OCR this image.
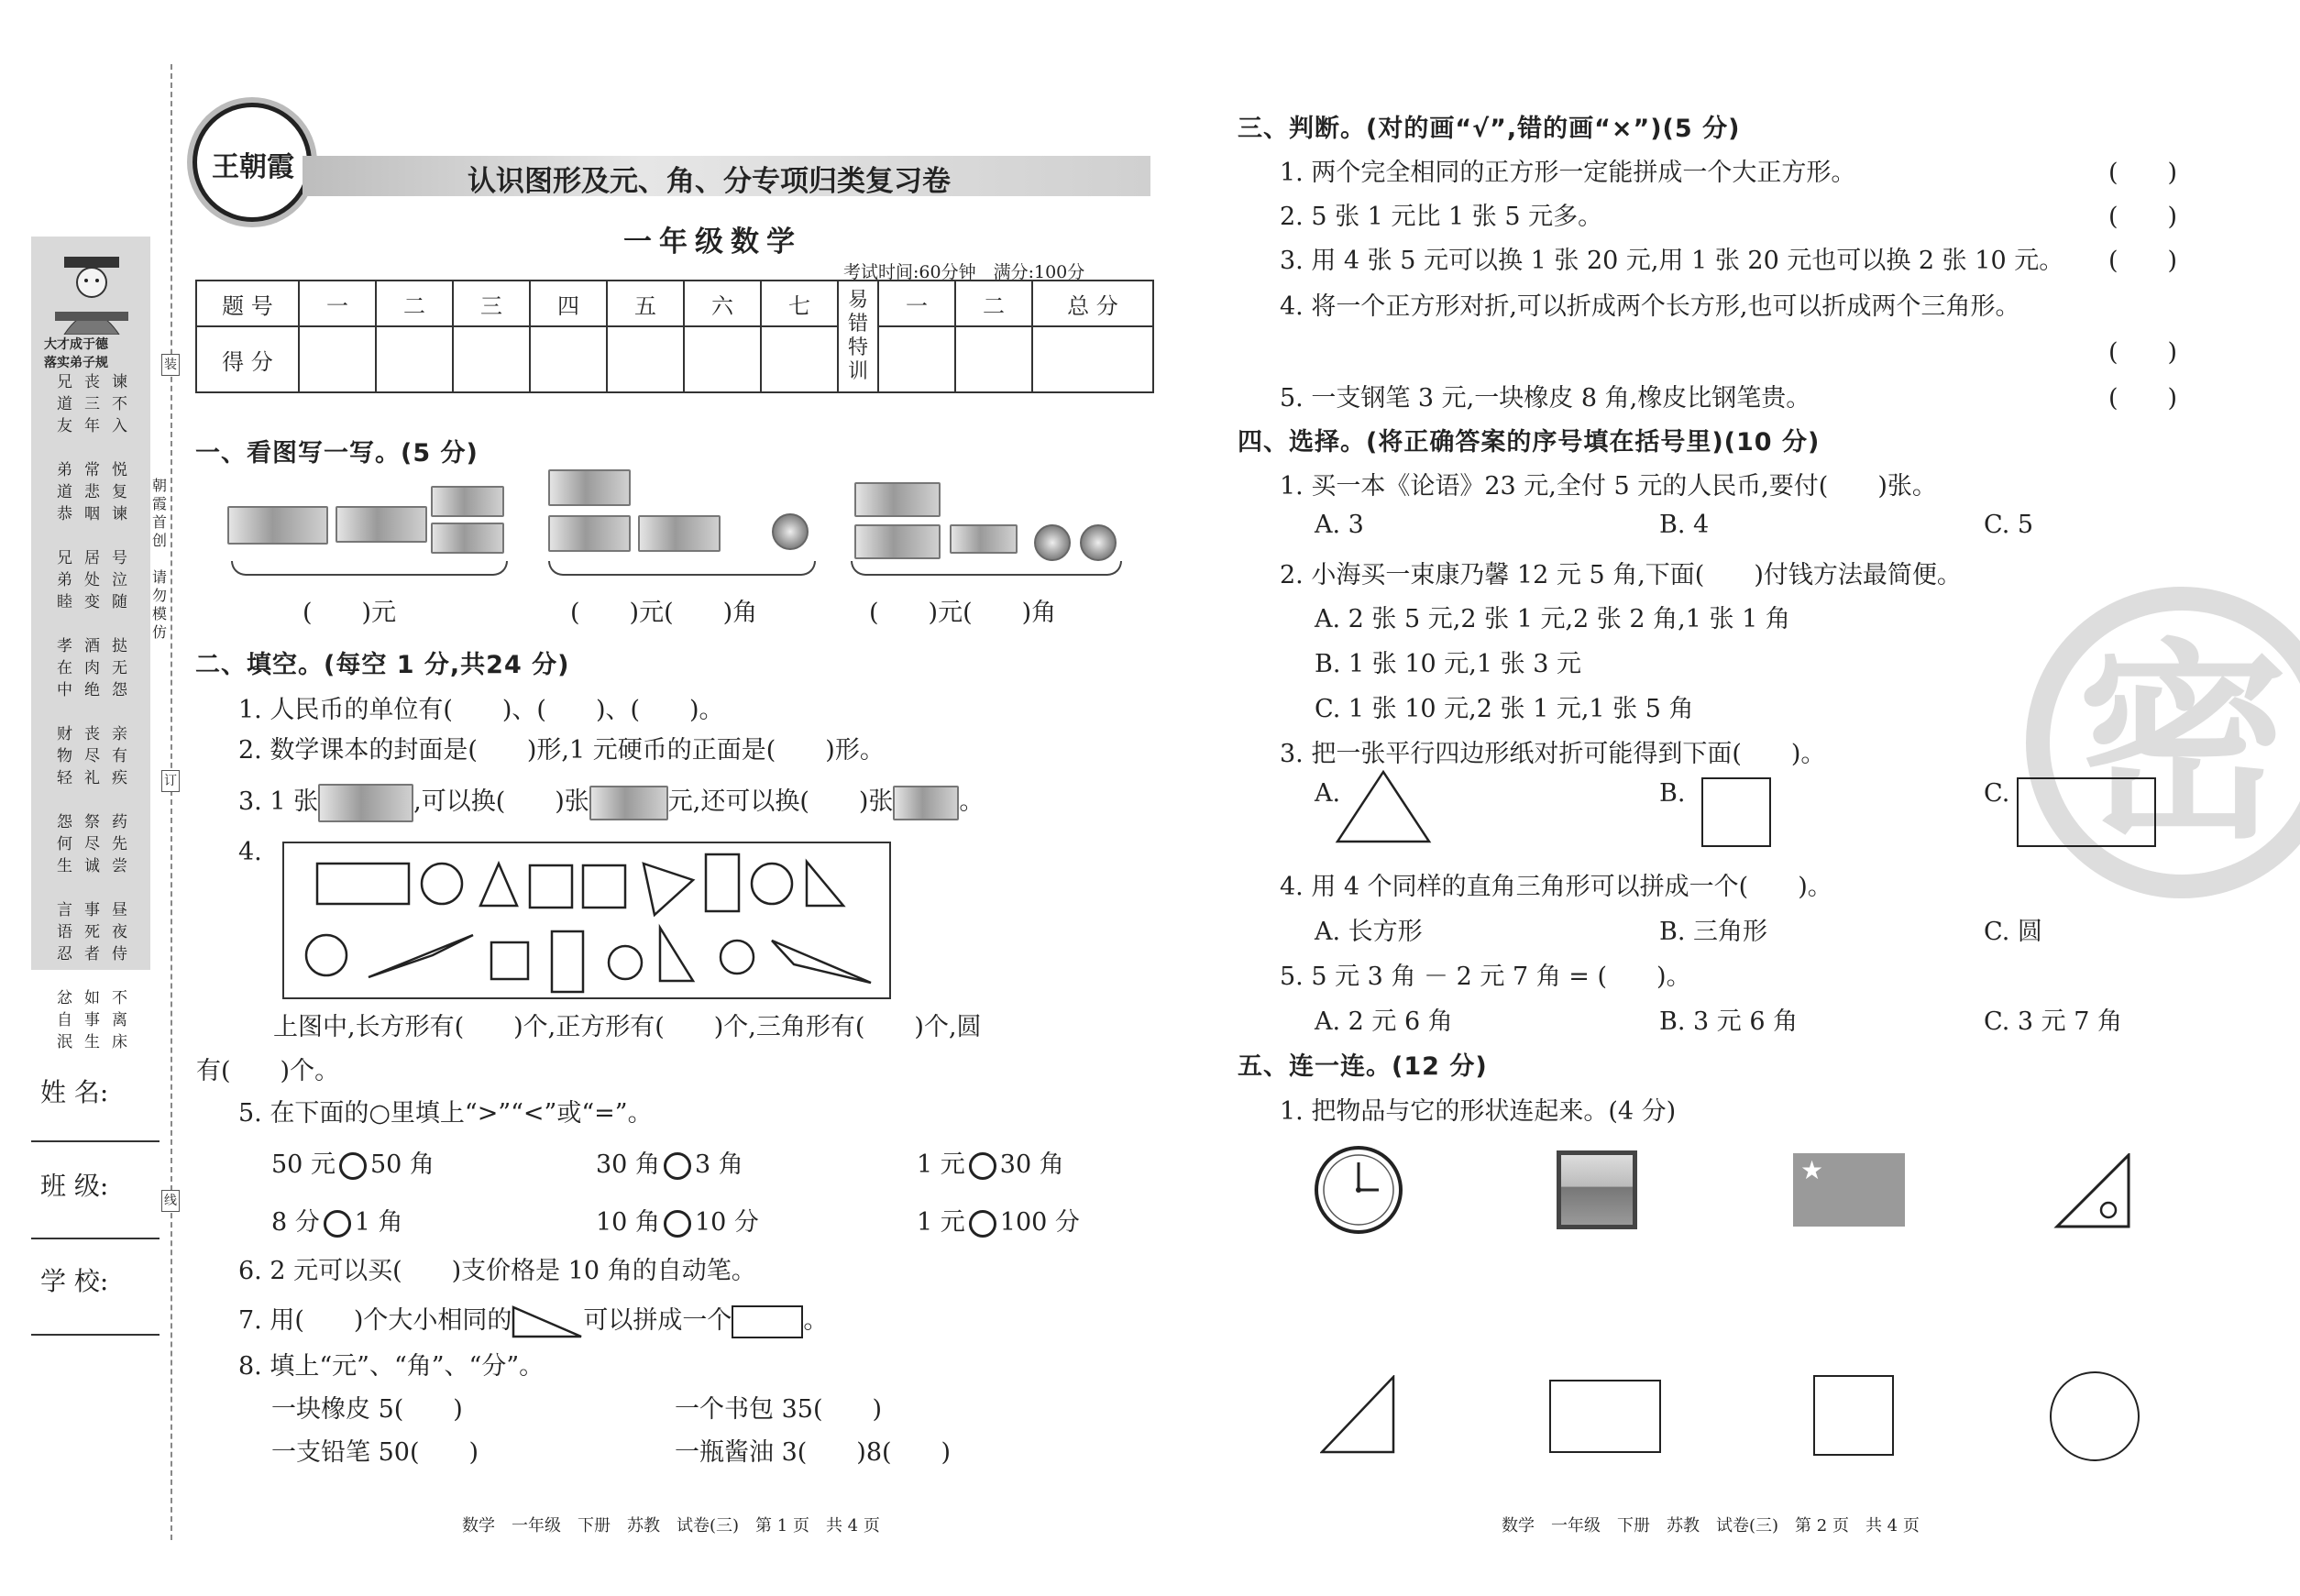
装
订
线
朝霞首创
请勿模仿
大才成于德
落实弟子规
兄道友

弟道恭

兄弟睦

孝在中

财物轻

怨何生

言语忍

忿自泯
丧三年

常悲咽

居处变

酒肉绝

丧尽礼

祭尽诚

事死者

如事生
谏不入

悦复谏

号泣随

挞无怨

亲有疾

药先尝

昼夜侍

不离床
姓 名:
班 级:
学 校:
王朝霞	认识图形及元、角、分专项归类复习卷
一年级数学
考试时间:60分钟　满分:100分
题 号	一	二	三	四	五	六	七	易错特训	一	二	总 分
得 分											
一、看图写一写。(5 分)
(　　)元	(　　)元(　　)角	(　　)元(　　)角
二、填空。(每空 1 分,共24 分)
1. 人民币的单位有(　　)、(　　)、(　　)。
2. 数学课本的封面是(　　)形,1 元硬币的正面是(　　)形。
3. 1 张	,可以换(　　)张	元,还可以换(　　)张	。
4.
上图中,长方形有(　　)个,正方形有(　　)个,三角形有(　　)个,圆
有(　　)个。
5. 在下面的○里填上“>”“<”或“=”。
50 元 50 角	30 角 3 角	1 元 30 角
8 分 1 角	10 角 10 分	1 元 100 分
6. 2 元可以买(　　)支价格是 10 角的自动笔。
7. 用(　　)个大小相同的	可以拼成一个	。
8. 填上“元”、“角”、“分”。
一块橡皮 5(　　)	一个书包 35(　　)
一支铅笔 50(　　)	一瓶酱油 3(　　)8(　　)
数学　一年级　下册　苏教　试卷(三)　第 1 页　共 4 页
密
三、判断。(对的画“√”,错的画“×”)(5 分)
1. 两个完全相同的正方形一定能拼成一个大正方形。	(　　)
2. 5 张 1 元比 1 张 5 元多。	(　　)
3. 用 4 张 5 元可以换 1 张 20 元,用 1 张 20 元也可以换 2 张 10 元。 (　　)
4. 将一个正方形对折,可以折成两个长方形,也可以折成两个三角形。
(　　)
5. 一支钢笔 3 元,一块橡皮 8 角,橡皮比钢笔贵。	(　　)
四、选择。(将正确答案的序号填在括号里)(10 分)
1. 买一本《论语》23 元,全付 5 元的人民币,要付(　　)张。
A. 3	B. 4	C. 5
2. 小海买一束康乃馨 12 元 5 角,下面(　　)付钱方法最简便。
A. 2 张 5 元,2 张 1 元,2 张 2 角,1 张 1 角
B. 1 张 10 元,1 张 3 元
C. 1 张 10 元,2 张 1 元,1 张 5 角
3. 把一张平行四边形纸对折可能得到下面(　　)。
A.	B.	C.
4. 用 4 个同样的直角三角形可以拼成一个(　　)。
A. 长方形	B. 三角形	C. 圆
5. 5 元 3 角 － 2 元 7 角 = (　　)。
A. 2 元 6 角	B. 3 元 6 角	C. 3 元 7 角
五、连一连。(12 分)
1. 把物品与它的形状连起来。(4 分)
★
数学　一年级　下册　苏教　试卷(三)　第 2 页　共 4 页
